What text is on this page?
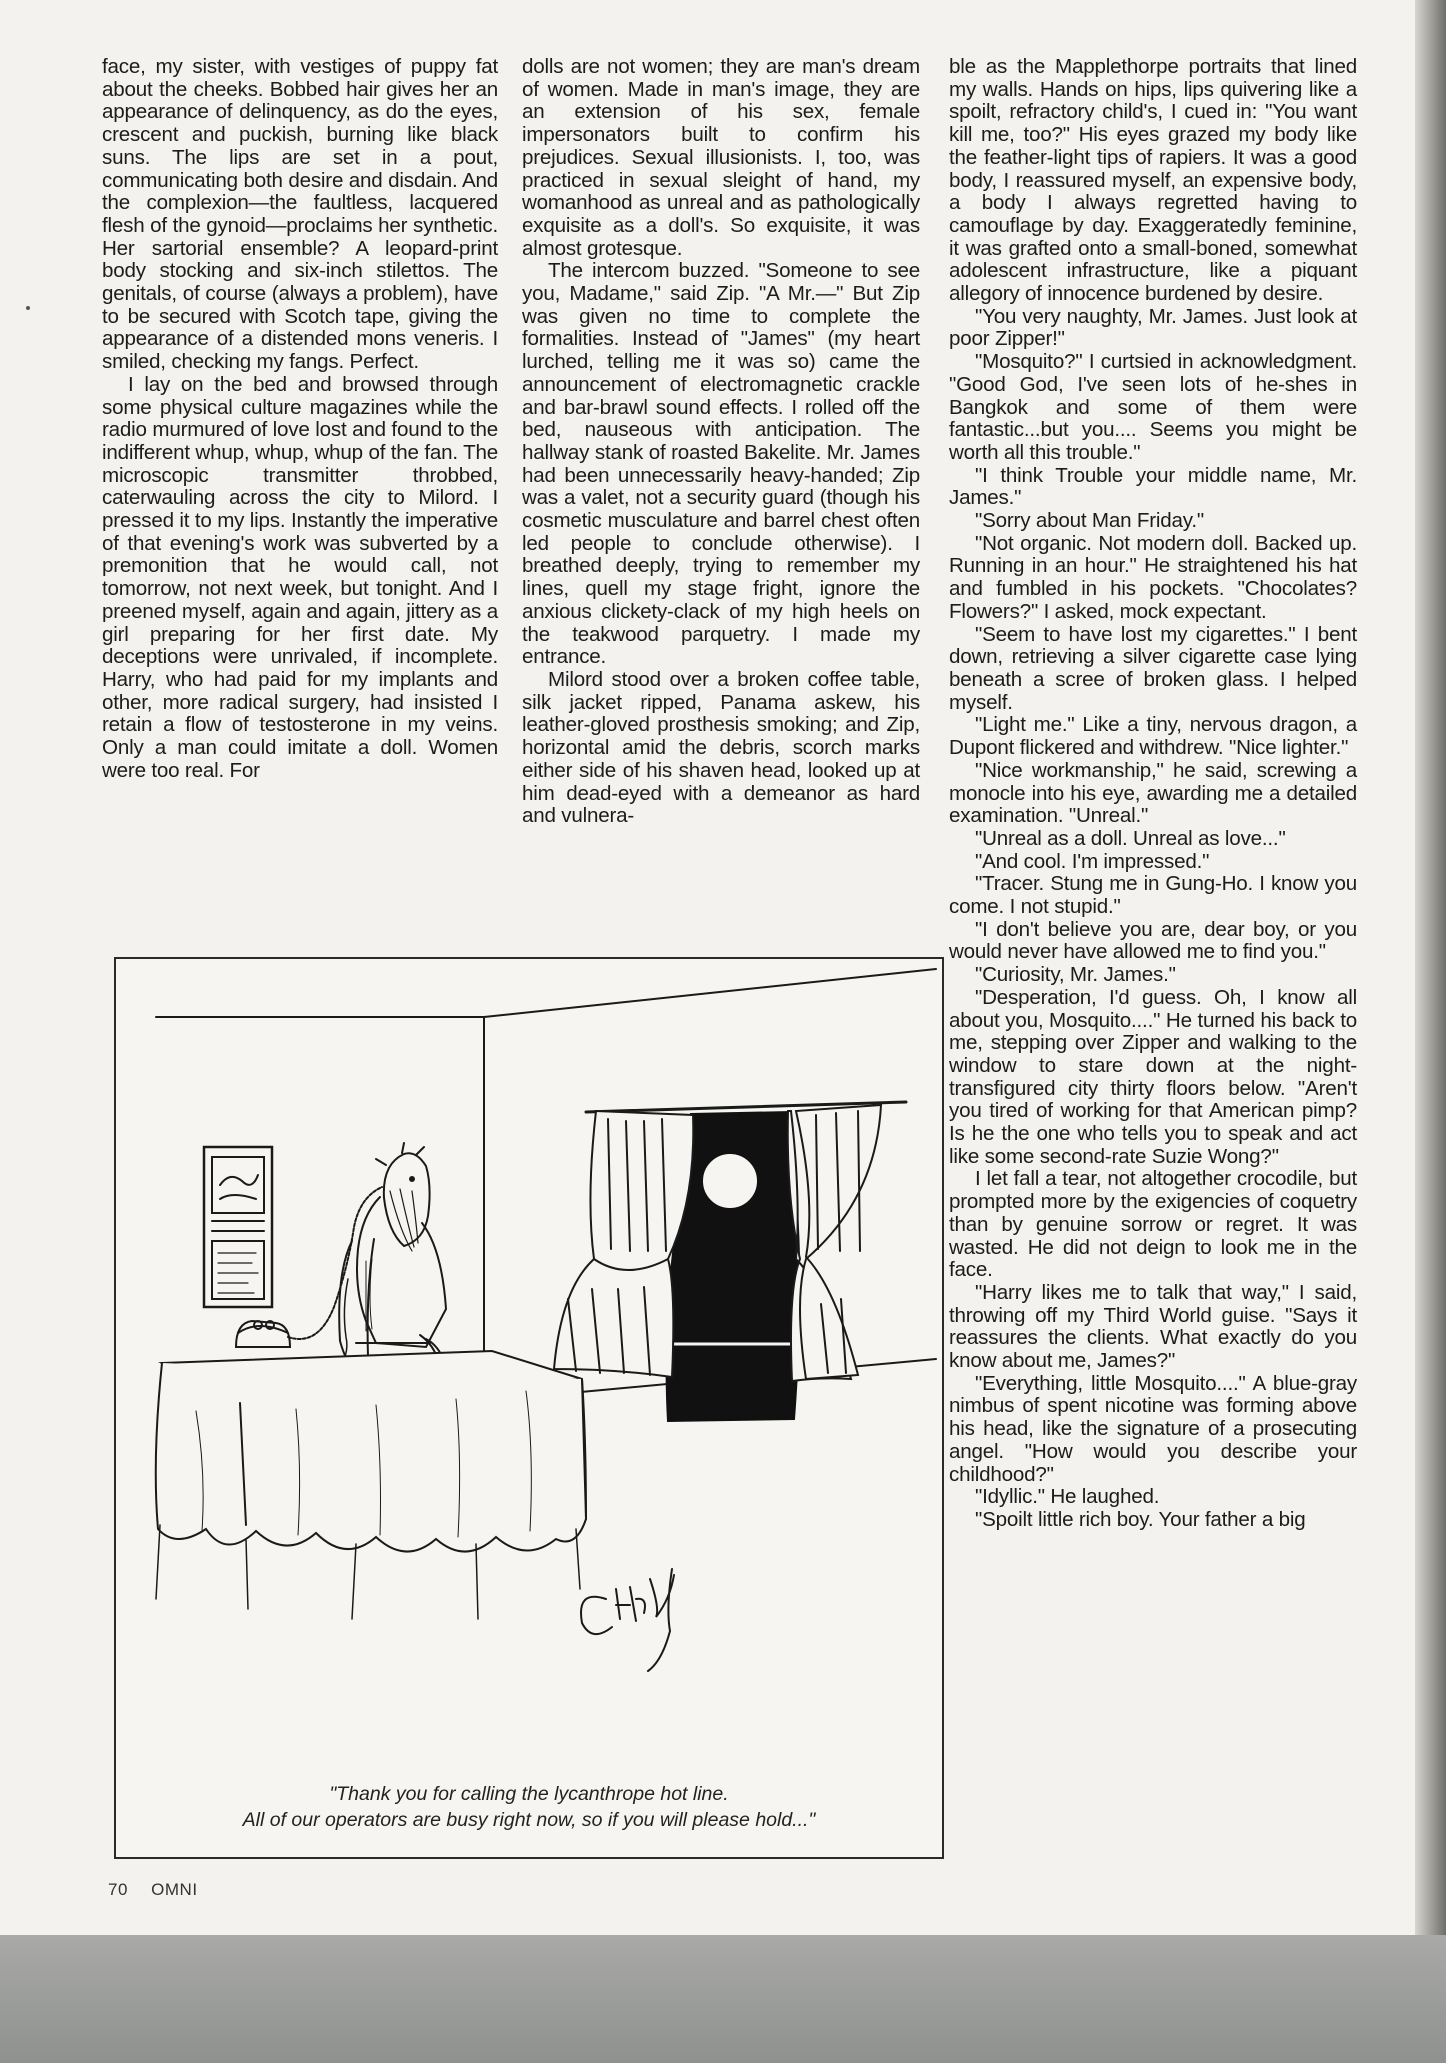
face, my sister, with vestiges of puppy fat about the cheeks. Bobbed hair gives her an appearance of delinquency, as do the eyes, crescent and puckish, burning like black suns. The lips are set in a pout, communicating both desire and disdain. And the complexion—the faultless, lacquered flesh of the gynoid—proclaims her synthetic. Her sartorial ensemble? A leopard-print body stocking and six-inch stilettos. The genitals, of course (always a problem), have to be secured with Scotch tape, giving the appearance of a distended mons veneris. I smiled, checking my fangs. Perfect.

I lay on the bed and browsed through some physical culture magazines while the radio murmured of love lost and found to the indifferent whup, whup, whup of the fan. The microscopic transmitter throbbed, caterwauling across the city to Milord. I pressed it to my lips. Instantly the imperative of that evening's work was subverted by a premonition that he would call, not tomorrow, not next week, but tonight. And I preened myself, again and again, jittery as a girl preparing for her first date. My deceptions were unrivaled, if incomplete. Harry, who had paid for my implants and other, more radical surgery, had insisted I retain a flow of testosterone in my veins. Only a man could imitate a doll. Women were too real. For

dolls are not women; they are man's dream of women. Made in man's image, they are an extension of his sex, female impersonators built to confirm his prejudices. Sexual illusionists. I, too, was practiced in sexual sleight of hand, my womanhood as unreal and as pathologically exquisite as a doll's. So exquisite, it was almost grotesque.

The intercom buzzed. "Someone to see you, Madame," said Zip. "A Mr.—" But Zip was given no time to complete the formalities. Instead of "James" (my heart lurched, telling me it was so) came the announcement of electromagnetic crackle and bar-brawl sound effects. I rolled off the bed, nauseous with anticipation. The hallway stank of roasted Bakelite. Mr. James had been unnecessarily heavy-handed; Zip was a valet, not a security guard (though his cosmetic musculature and barrel chest often led people to conclude otherwise). I breathed deeply, trying to remember my lines, quell my stage fright, ignore the anxious clickety-clack of my high heels on the teakwood parquetry. I made my entrance.

Milord stood over a broken coffee table, silk jacket ripped, Panama askew, his leather-gloved prosthesis smoking; and Zip, horizontal amid the debris, scorch marks either side of his shaven head, looked up at him dead-eyed with a demeanor as hard and vulnera-

ble as the Mapplethorpe portraits that lined my walls. Hands on hips, lips quivering like a spoilt, refractory child's, I cued in: "You want kill me, too?" His eyes grazed my body like the feather-light tips of rapiers. It was a good body, I reassured myself, an expensive body, a body I always regretted having to camouflage by day. Exaggeratedly feminine, it was grafted onto a small-boned, somewhat adolescent infrastructure, like a piquant allegory of innocence burdened by desire.

"You very naughty, Mr. James. Just look at poor Zipper!"

"Mosquito?" I curtsied in acknowledgment. "Good God, I've seen lots of he-shes in Bangkok and some of them were fantastic...but you.... Seems you might be worth all this trouble."

"I think Trouble your middle name, Mr. James."

"Sorry about Man Friday."

"Not organic. Not modern doll. Backed up. Running in an hour." He straightened his hat and fumbled in his pockets. "Chocolates? Flowers?" I asked, mock expectant.

"Seem to have lost my cigarettes." I bent down, retrieving a silver cigarette case lying beneath a scree of broken glass. I helped myself.

"Light me." Like a tiny, nervous dragon, a Dupont flickered and withdrew. "Nice lighter."

"Nice workmanship," he said, screwing a monocle into his eye, awarding me a detailed examination. "Unreal."

"Unreal as a doll. Unreal as love..."

"And cool. I'm impressed."

"Tracer. Stung me in Gung-Ho. I know you come. I not stupid."

"I don't believe you are, dear boy, or you would never have allowed me to find you."

"Curiosity, Mr. James."

"Desperation, I'd guess. Oh, I know all about you, Mosquito...." He turned his back to me, stepping over Zipper and walking to the window to stare down at the night-transfigured city thirty floors below. "Aren't you tired of working for that American pimp? Is he the one who tells you to speak and act like some second-rate Suzie Wong?"

I let fall a tear, not altogether crocodile, but prompted more by the exigencies of coquetry than by genuine sorrow or regret. It was wasted. He did not deign to look me in the face.

"Harry likes me to talk that way," I said, throwing off my Third World guise. "Says it reassures the clients. What exactly do you know about me, James?"

"Everything, little Mosquito...." A blue-gray nimbus of spent nicotine was forming above his head, like the signature of a prosecuting angel. "How would you describe your childhood?"

"Idyllic." He laughed.

"Spoilt little rich boy. Your father a big

CHENEY
"Thank you for calling the lycanthrope hot line.
All of our operators are busy right now, so if you will please hold..."
70 OMNI
